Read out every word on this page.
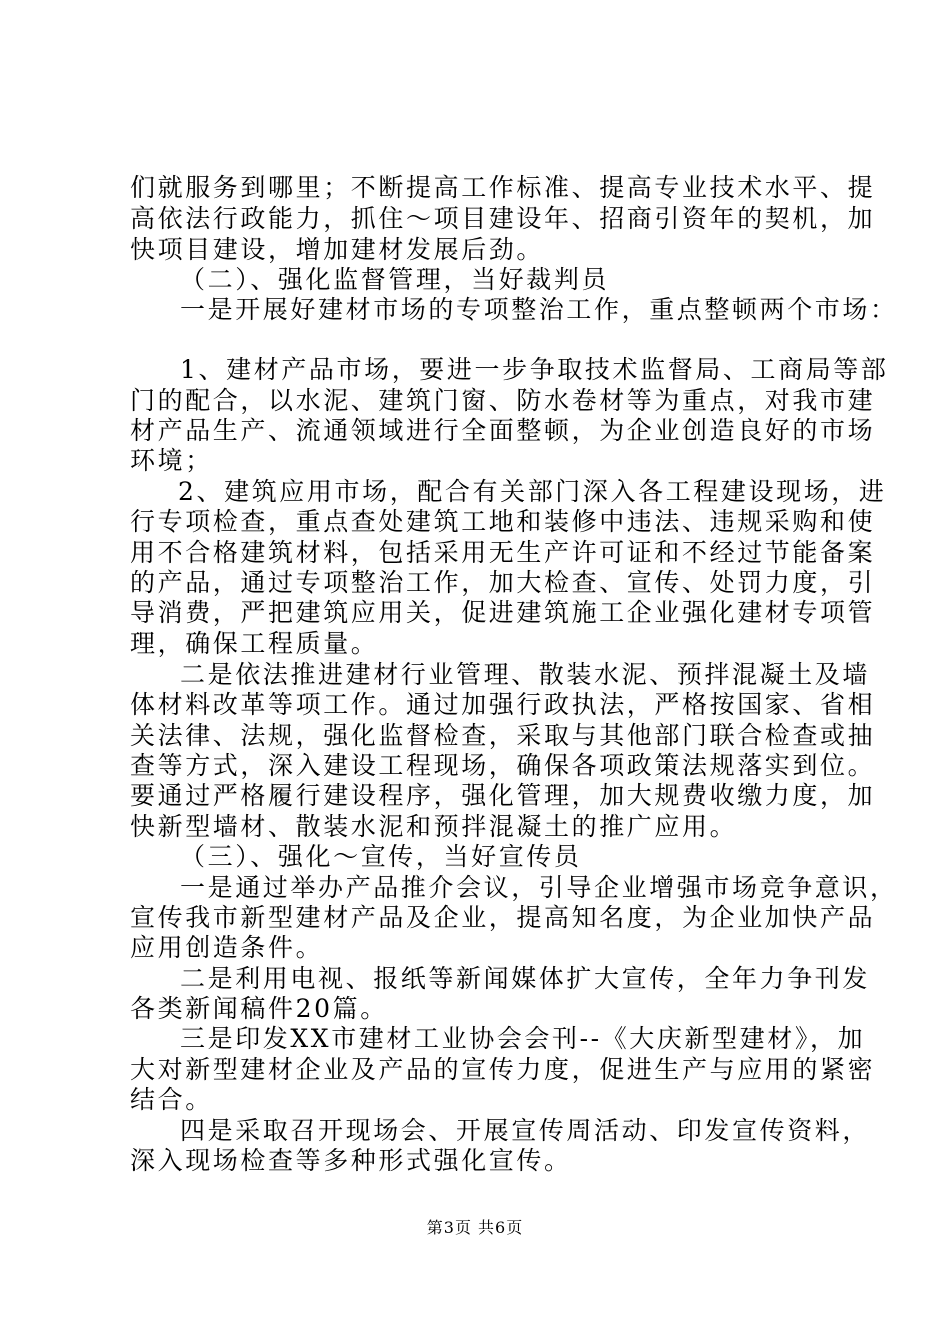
们就服务到哪里；不断提高工作标准、提高专业技术水平、提
高依法行政能力，抓住～项目建设年、招商引资年的契机，加
快项目建设，增加建材发展后劲。
（二）、强化监督管理，当好裁判员
一是开展好建材市场的专项整治工作，重点整顿两个市场：
1、建材产品市场，要进一步争取技术监督局、工商局等部
门的配合，以水泥、建筑门窗、防水卷材等为重点，对我市建
材产品生产、流通领域进行全面整顿，为企业创造良好的市场
环境；
2、建筑应用市场，配合有关部门深入各工程建设现场，进
行专项检查，重点查处建筑工地和装修中违法、违规采购和使
用不合格建筑材料，包括采用无生产许可证和不经过节能备案
的产品，通过专项整治工作，加大检查、宣传、处罚力度，引
导消费，严把建筑应用关，促进建筑施工企业强化建材专项管
理，确保工程质量。
二是依法推进建材行业管理、散装水泥、预拌混凝土及墙
体材料改革等项工作。通过加强行政执法，严格按国家、省相
关法律、法规，强化监督检查，采取与其他部门联合检查或抽
查等方式，深入建设工程现场，确保各项政策法规落实到位。
要通过严格履行建设程序，强化管理，加大规费收缴力度，加
快新型墙材、散装水泥和预拌混凝土的推广应用。
（三）、强化～宣传，当好宣传员
一是通过举办产品推介会议，引导企业增强市场竞争意识，
宣传我市新型建材产品及企业，提高知名度，为企业加快产品
应用创造条件。
二是利用电视、报纸等新闻媒体扩大宣传，全年力争刊发
各类新闻稿件20篇。
三是印发XX市建材工业协会会刊--《大庆新型建材》，加
大对新型建材企业及产品的宣传力度，促进生产与应用的紧密
结合。
四是采取召开现场会、开展宣传周活动、印发宣传资料，
深入现场检查等多种形式强化宣传。
第3页 共6页
